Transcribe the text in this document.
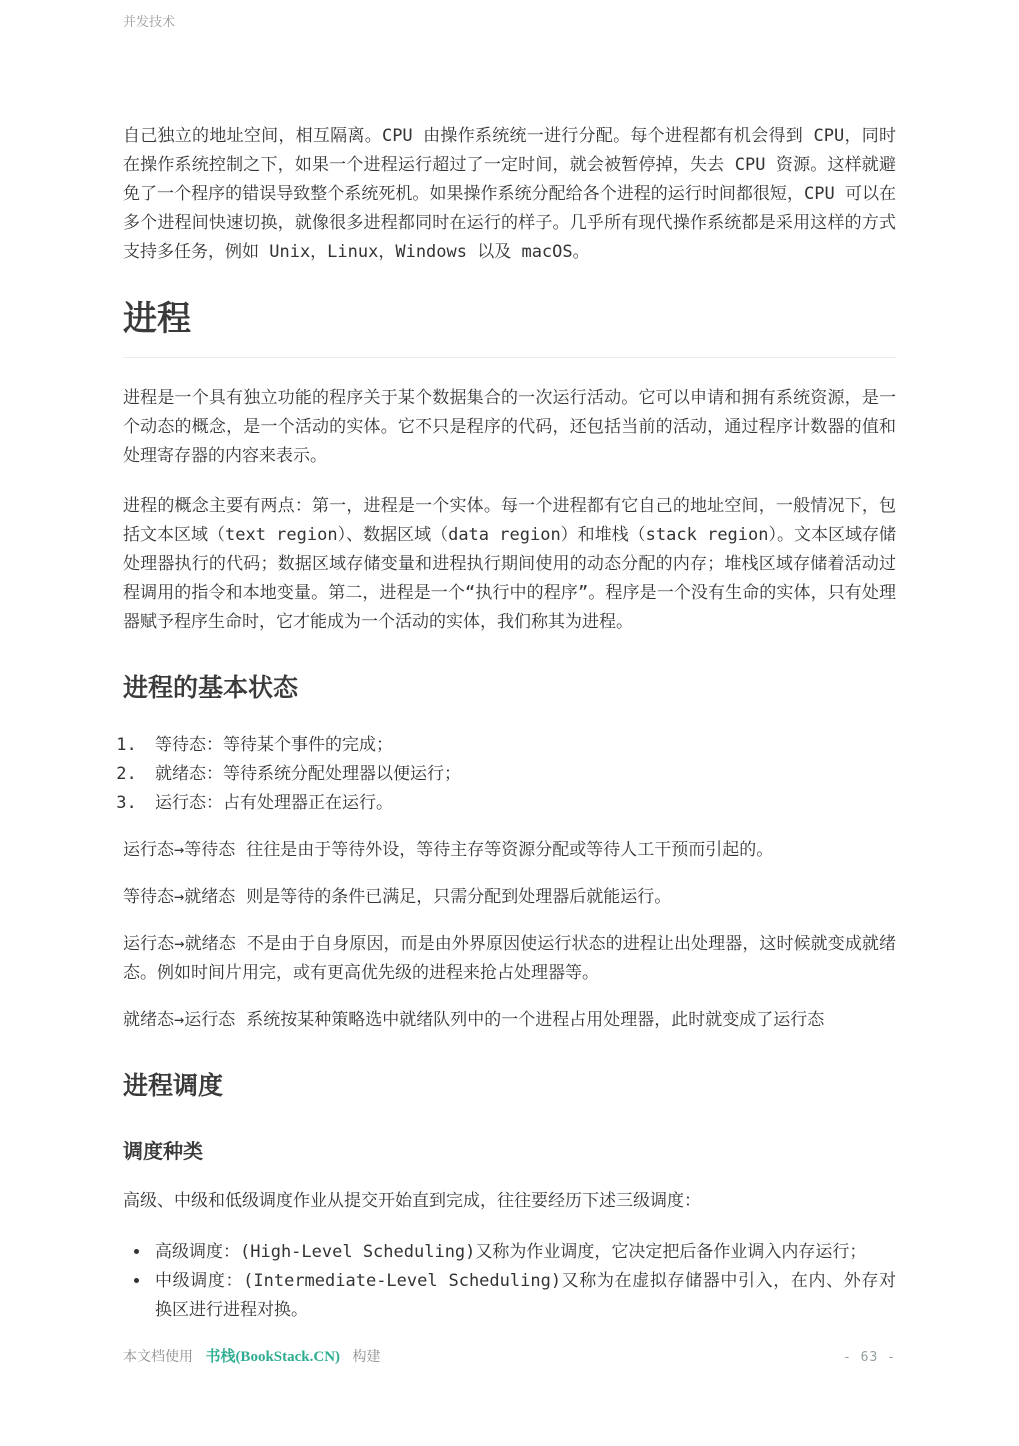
并发技术

自己独立的地址空间，相互隔离。CPU 由操作系统统一进行分配。每个进程都有机会得到 CPU，同时在操作系统控制之下，如果一个进程运行超过了一定时间，就会被暂停掉，失去 CPU 资源。这样就避免了一个程序的错误导致整个系统死机。如果操作系统分配给各个进程的运行时间都很短，CPU 可以在多个进程间快速切换，就像很多进程都同时在运行的样子。几乎所有现代操作系统都是采用这样的方式支持多任务，例如 Unix，Linux，Windows 以及 macOS。

进程

进程是一个具有独立功能的程序关于某个数据集合的一次运行活动。它可以申请和拥有系统资源，是一个动态的概念，是一个活动的实体。它不只是程序的代码，还包括当前的活动，通过程序计数器的值和处理寄存器的内容来表示。

进程的概念主要有两点：第一，进程是一个实体。每一个进程都有它自己的地址空间，一般情况下，包括文本区域（text region）、数据区域（data region）和堆栈（stack region）。文本区域存储处理器执行的代码；数据区域存储变量和进程执行期间使用的动态分配的内存；堆栈区域存储着活动过程调用的指令和本地变量。第二，进程是一个“执行中的程序”。程序是一个没有生命的实体，只有处理器赋予程序生命时，它才能成为一个活动的实体，我们称其为进程。

进程的基本状态
1. 等待态：等待某个事件的完成；
2. 就绪态：等待系统分配处理器以便运行；
3. 运行态：占有处理器正在运行。

运行态→等待态 往往是由于等待外设，等待主存等资源分配或等待人工干预而引起的。

等待态→就绪态 则是等待的条件已满足，只需分配到处理器后就能运行。

运行态→就绪态 不是由于自身原因，而是由外界原因使运行状态的进程让出处理器，这时候就变成就绪态。例如时间片用完，或有更高优先级的进程来抢占处理器等。

就绪态→运行态 系统按某种策略选中就绪队列中的一个进程占用处理器，此时就变成了运行态

进程调度
调度种类

高级、中级和低级调度作业从提交开始直到完成，往往要经历下述三级调度：

• 高级调度：(High-Level Scheduling)又称为作业调度，它决定把后备作业调入内存运行；
• 中级调度：(Intermediate-Level Scheduling)又称为在虚拟存储器中引入，在内、外存对换区进行进程对换。
本文档使用 书栈(BookStack.CN) 构建	- 63 -
